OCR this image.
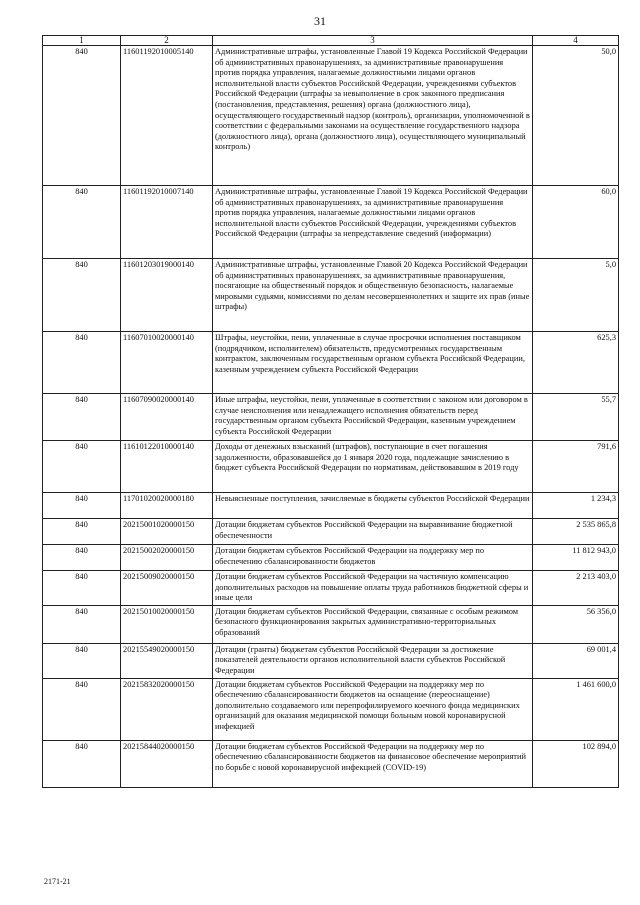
31
1	2	3	4
840	11601192010005140	Административные штрафы, установленные Главой 19 Кодекса Российской Федерации об административных правонарушениях, за административные правонарушения против порядка управления, налагаемые должностными лицами органов исполнительной власти субъектов Российской Федерации, учреждениями субъектов Российской Федерации (штрафы за невыполнение в срок законного предписания (постановления, представления, решения) органа (должностного лица), осуществляющего государственный надзор (контроль), организации, уполномоченной в соответствии с федеральными законами на осуществление государственного надзора (должностного лица), органа (должностного лица), осуществляющего муниципальный контроль)	50,0
840	11601192010007140	Административные штрафы, установленные Главой 19 Кодекса Российской Федерации об административных правонарушениях, за административные правонарушения против порядка управления, налагаемые должностными лицами органов исполнительной власти субъектов Российской Федерации, учреждениями субъектов Российской Федерации (штрафы за непредставление сведений (информации)	60,0
840	11601203019000140	Административные штрафы, установленные Главой 20 Кодекса Российской Федерации об административных правонарушениях, за административные правонарушения, посягающие на общественный порядок и общественную безопасность, налагаемые мировыми судьями, комиссиями по делам несовершеннолетних и защите их прав (иные штрафы)	5,0
840	11607010020000140	Штрафы, неустойки, пени, уплаченные в случае просрочки исполнения поставщиком (подрядчиком, исполнителем) обязательств, предусмотренных государственным контрактом, заключенным государственным органом субъекта Российской Федерации, казенным учреждением субъекта Российской Федерации	625,3
840	11607090020000140	Иные штрафы, неустойки, пени, уплаченные в соответствии с законом или договором в случае неисполнения или ненадлежащего исполнения обязательств перед государственным органом субъекта Российской Федерации, казенным учреждением субъекта Российской Федерации	55,7
840	11610122010000140	Доходы от денежных взысканий (штрафов), поступающие в счет погашения задолженности, образовавшейся до 1 января 2020 года, подлежащие зачислению в бюджет субъекта Российской Федерации по нормативам, действовавшим в 2019 году	791,6
840	11701020020000180	Невыясненные поступления, зачисляемые в бюджеты субъектов Российской Федерации	1 234,3
840	20215001020000150	Дотации бюджетам субъектов Российской Федерации на выравнивание бюджетной обеспеченности	2 535 865,8
840	20215002020000150	Дотации бюджетам субъектов Российской Федерации на поддержку мер по обеспечению сбалансированности бюджетов	11 812 943,0
840	20215009020000150	Дотации бюджетам субъектов Российской Федерации на частичную компенсацию дополнительных расходов на повышение оплаты труда работников бюджетной сферы и иные цели	2 213 403,0
840	20215010020000150	Дотации бюджетам субъектов Российской Федерации, связанные с особым режимом безопасного функционирования закрытых административно-территориальных образований	56 356,0
840	20215549020000150	Дотации (гранты) бюджетам субъектов Российской Федерации за достижение показателей деятельности органов исполнительной власти субъектов Российской Федерации	69 001,4
840	20215832020000150	Дотации бюджетам субъектов Российской Федерации на поддержку мер по обеспечению сбалансированности бюджетов на оснащение (переоснащение) дополнительно создаваемого или перепрофилируемого коечного фонда медицинских организаций для оказания медицинской помощи больным новой коронавирусной инфекцией	1 461 600,0
840	20215844020000150	Дотации бюджетам субъектов Российской Федерации на поддержку мер по обеспечению сбалансированности бюджетов на финансовое обеспечение мероприятий по борьбе с новой коронавирусной инфекцией (COVID-19)	102 894,0
2171-21
